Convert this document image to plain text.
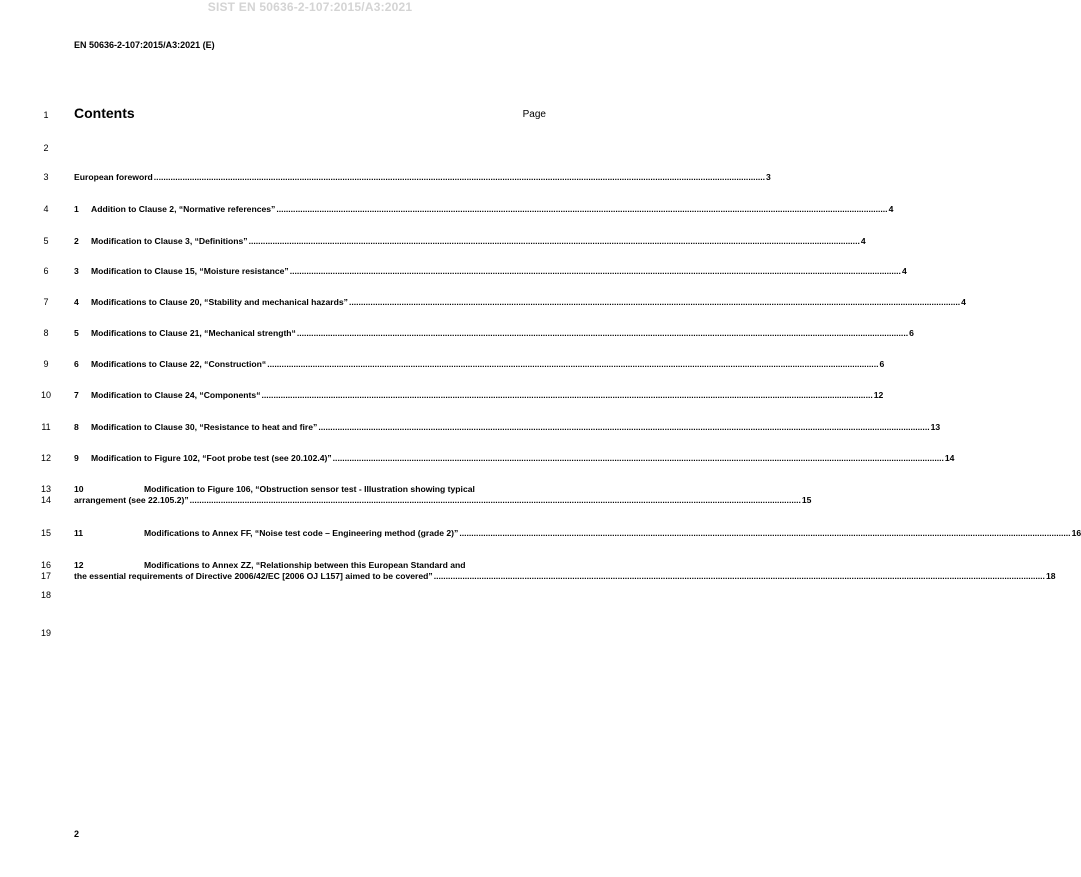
SIST EN 50636-2-107:2015/A3:2021
EN 50636-2-107:2015/A3:2021 (E)
1
2
3
4
5
6
7
8
9
10
11
12
13
14
15
16
17
18
19
Contents	Page
European foreword .....	3
1	Addition to Clause 2, “Normative references” .....	4
2	Modification to Clause 3, “Definitions” .....	4
3	Modification to Clause 15, “Moisture resistance” .....	4
4	Modifications to Clause 20, “Stability and mechanical hazards” .....	4
5	Modifications to Clause 21, “Mechanical strength“ .....	6
6	Modifications to Clause 22, “Construction“ .....	6
7	Modification to Clause 24, “Components“ .....	12
8	Modification to Clause 30, “Resistance to heat and fire” .....	13
9	Modification to Figure 102, “Foot probe test (see 20.102.4)” .....	14
10	Modification to Figure 106, “Obstruction sensor test - Illustration showing typical
arrangement (see 22.105.2)” .....	15
11	Modifications to Annex FF, “Noise test code – Engineering method (grade 2)” .....	16
12	Modifications to Annex ZZ, “Relationship between this European Standard and
the essential requirements of Directive 2006/42/EC [2006 OJ L157] aimed to be covered” .....	18
2
